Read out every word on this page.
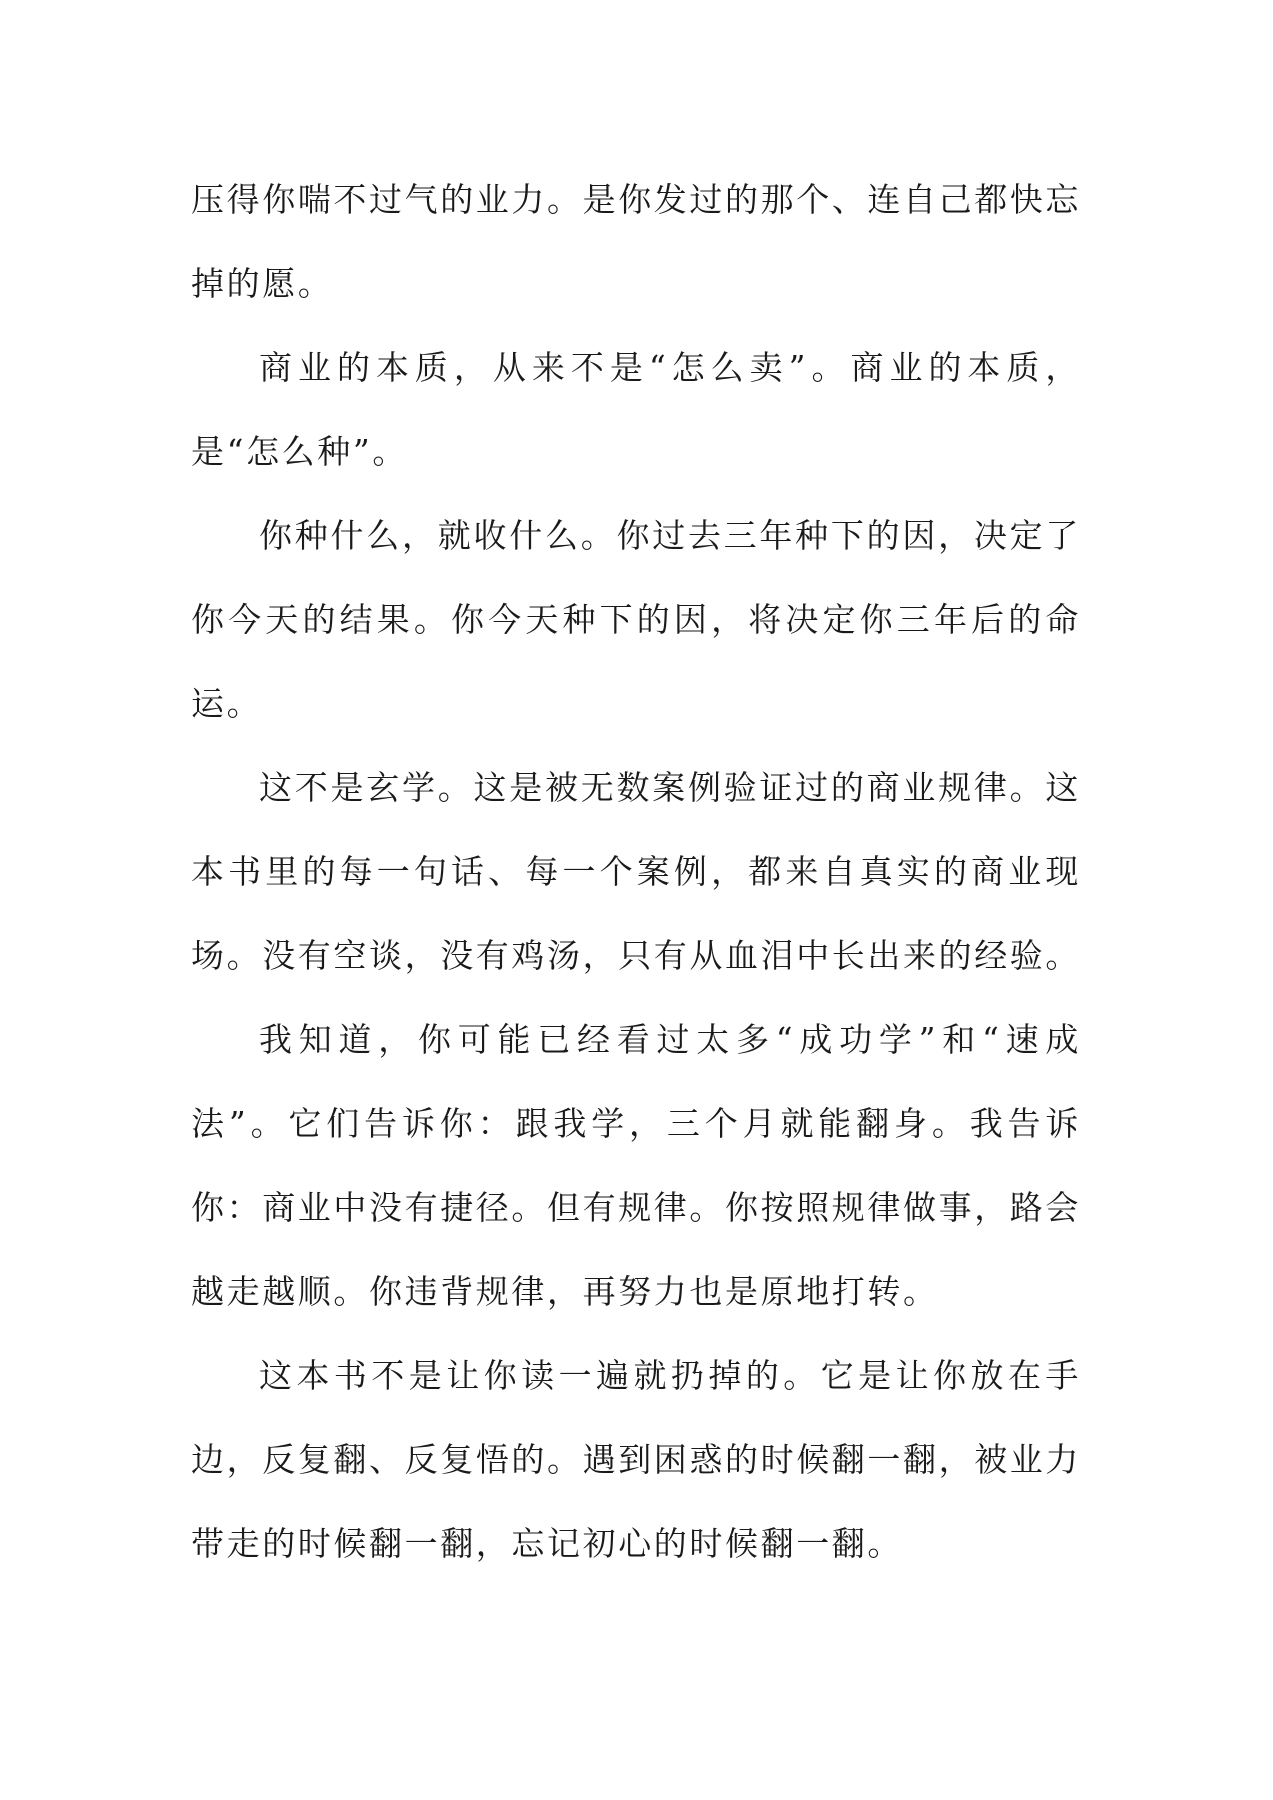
压得你喘不过气的业力。是你发过的那个、连自己都快忘掉的愿。

商业的本质，从来不是“怎么卖”。商业的本质，是“怎么种”。

你种什么，就收什么。你过去三年种下的因，决定了你今天的结果。你今天种下的因，将决定你三年后的命运。

这不是玄学。这是被无数案例验证过的商业规律。这本书里的每一句话、每一个案例，都来自真实的商业现场。没有空谈，没有鸡汤，只有从血泪中长出来的经验。

我知道，你可能已经看过太多“成功学”和“速成法”。它们告诉你：跟我学，三个月就能翻身。我告诉你：商业中没有捷径。但有规律。你按照规律做事，路会越走越顺。你违背规律，再努力也是原地打转。

这本书不是让你读一遍就扔掉的。它是让你放在手边，反复翻、反复悟的。遇到困惑的时候翻一翻，被业力带走的时候翻一翻，忘记初心的时候翻一翻。
